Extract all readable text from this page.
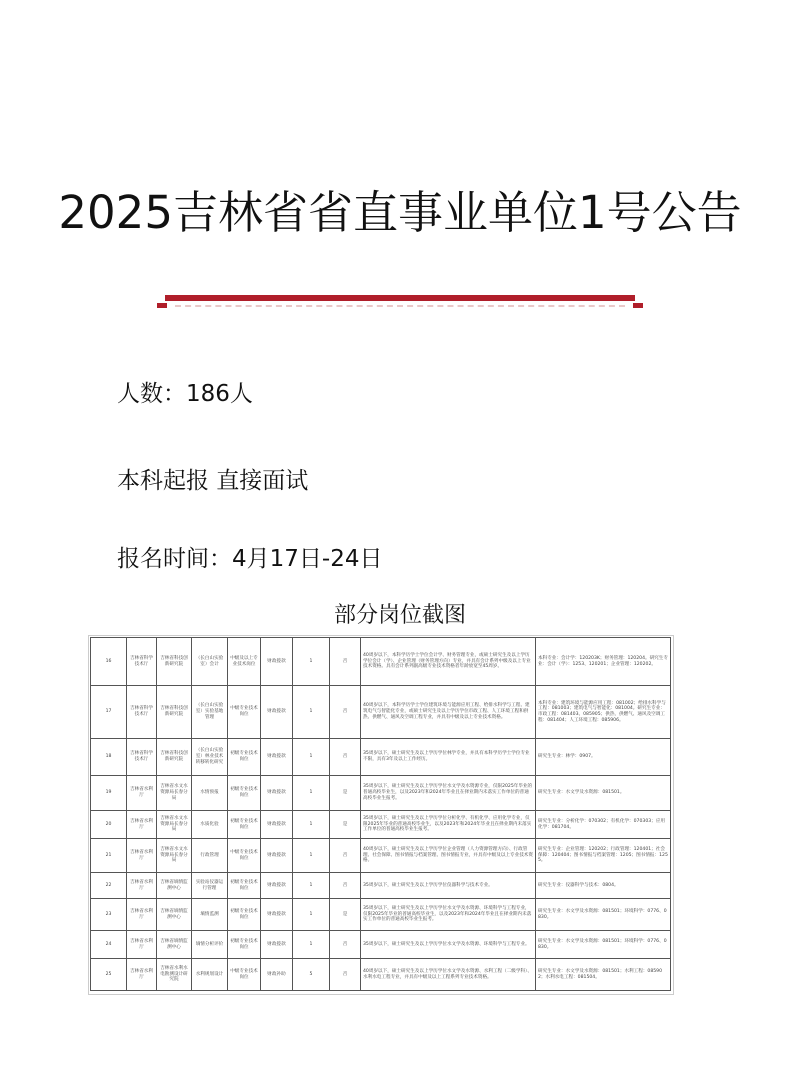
2025吉林省省直事业单位1号公告
人数：186人
本科起报 直接面试
报名时间：4月17日-24日
部分岗位截图
16	吉林省科学技术厅	吉林省科技创新研究院	（长白山实验室）会计	中级及以上专业技术岗位	财政拨款	1	否	40周岁以下，本科学历学士学位会计学、财务管理专业，或硕士研究生及以上学历学位会计（学）、企业管理（财务管理方向）专业，并具有会计系列中级及以上专业技术资格。具有会计系列副高级专业技术资格者年龄放宽至45周岁。	本科专业：会计学：120203K；财务管理：120204。研究生专业：会计（学）：1253、120201；企业管理：120202。
17	吉林省科学技术厅	吉林省科技创新研究院	（长白山实验室）实验基地管理	中级专业技术岗位	财政拨款	1	否	40周岁以下，本科学历学士学位建筑环境与能源应用工程、给排水科学与工程、建筑电气与智能化专业，或硕士研究生及以上学历学位市政工程、人工环境工程和供热、供燃气、通风及空调工程专业，并具有中级及以上专业技术资格。	本科专业：建筑环境与能源应用工程：081002；给排水科学与工程：081003；建筑电气与智能化：081004。研究生专业：市政工程：081403、085905；供热、供燃气、通风及空调工程：081404；人工环境工程：085906。
18	吉林省科学技术厅	吉林省科技创新研究院	（长白山实验室）林业技术转移转化研究	初级专业技术岗位	财政拨款	1	否	35周岁以下，硕士研究生及以上学历学位林学专业，并具有本科学历学士学位专业不限，具有3年及以上工作经历。	研究生专业：林学：0907。
19	吉林省水利厅	吉林省水文水资源局长春分局	水情预报	初级专业技术岗位	财政拨款	1	是	35周岁以下，硕士研究生及以上学历学位水文学及水资源专业，仅限2025年毕业的普通高校毕业生，以及2023年和2024年毕业且在择业期内未落实工作单位的普通高校毕业生报考。	研究生专业：水文学及水资源：081501。
20	吉林省水利厅	吉林省水文水资源局长春分局	水质化验	初级专业技术岗位	财政拨款	1	是	35周岁以下，硕士研究生及以上学历学位分析化学、有机化学、应用化学专业，仅限2025年毕业的普通高校毕业生，以及2023年和2024年毕业且在择业期内未落实工作单位的普通高校毕业生报考。	研究生专业：分析化学：070302；有机化学：070303；应用化学：081704。
21	吉林省水利厅	吉林省水文水资源局长春分局	行政管理	中级专业技术岗位	财政拨款	1	否	40周岁以下，硕士研究生及以上学历学位企业管理（人力资源管理方向）、行政管理、社会保障、图书情报与档案管理、图书情报专业，并具有中级及以上专业技术资格。	研究生专业：企业管理：120202；行政管理：120401；社会保障：120404；图书情报与档案管理：1205；图书情报：1255。
22	吉林省水利厅	吉林省墒情监测中心	实验站仪器运行管理	初级专业技术岗位	财政拨款	1	否	35周岁以下，硕士研究生及以上学历学位仪器科学与技术专业。	研究生专业：仪器科学与技术：0804。
23	吉林省水利厅	吉林省墒情监测中心	墒情监测	初级专业技术岗位	财政拨款	1	是	35周岁以下，硕士研究生及以上学历学位水文学及水资源、环境科学与工程专业，仅限2025年毕业的普通高校毕业生，以及2023年和2024年毕业且在择业期内未落实工作单位的普通高校毕业生报考。	研究生专业：水文学及水资源：081501；环境科学：0776、0830。
24	吉林省水利厅	吉林省墒情监测中心	墒情分析评价	初级专业技术岗位	财政拨款	1	否	35周岁以下，硕士研究生及以上学历学位水文学及水资源、环境科学与工程专业。	研究生专业：水文学及水资源：081501；环境科学：0776、0830。
25	吉林省水利厅	吉林省水利水电勘测设计研究院	水利规划设计	中级专业技术岗位	财政补助	5	否	40周岁以下，硕士研究生及以上学历学位水文学及水资源、水利工程（二级学科）、水利水电工程专业，并具有中级及以上工程系列专业技术资格。	研究生专业：水文学及水资源：081501；水利工程：085902；水利水电工程：081504。
